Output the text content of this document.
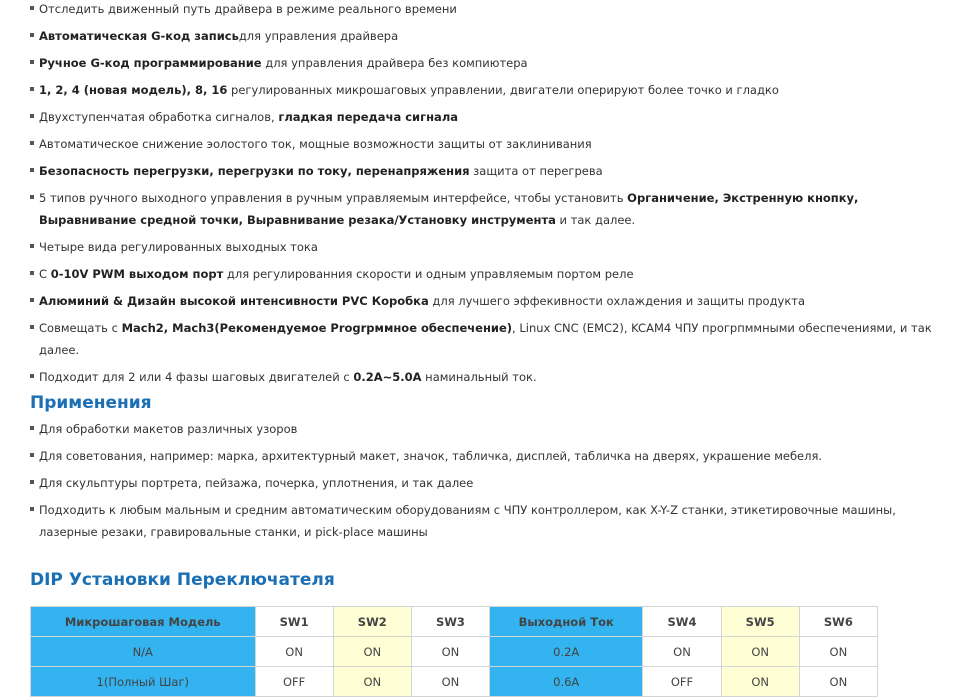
Отследить движенный путь драйвера в режиме реального времени
Автоматическая G-код записьдля управления драйвера
Ручное G-код программирование для управления драйвера без компиютера
1, 2, 4 (новая модель), 8, 16 регулированных микрошаговых управлении, двигатели оперируют более точко и гладко
Двухступенчатая обработка сигналов, гладкая передача сигнала
Автоматическое снижение эолостого ток, мощные возможности защиты от заклинивания
Безопасность перегрузки, перегрузки по току, перенапряжения защита от перегрева
5 типов ручного выходного управления в ручным управляемым интерфейсе, чтобы установить Органичение, Экстренную кнопку, Выравнивание средной точки, Выравнивание резака/Установку инструмента и так далее.
Четыре вида регулированных выходных тока
С 0-10V PWM выходом порт для регулированния скорости и одным управляемым портом реле
Алюминий & Дизайн высокой интенсивности PVC Коробка для лучшего эффекивности охлаждения и защиты продукта
Совмещать с Mach2, Mach3(Рекомендуемое Progrpммное обеспечение), Linux CNC (EMC2), KCAM4 ЧПУ прогрпммными обеспечениями, и так далее.
Подходит для 2 или 4 фазы шаговых двигателей с 0.2A~5.0A наминальный ток.
Применения
Для обработки макетов различных узоров
Для советования, например: марка, архитектурный макет, значок, табличка, дисплей, табличка на дверях, украшение мебеля.
Для скульптуры портрета, пейзажа, почерка, уплотнения, и так далее
Подходить к любым мальным и средним автоматическим оборудованиям с ЧПУ контроллером, как X-Y-Z станки, этикетировочные машины, лазерные резаки, гравировальные станки, и pick-place машины
DIP Установки Переключателя
Микрошаговая Модель	SW1	SW2	SW3	Выходной Ток	SW4	SW5	SW6
N/A	ON	ON	ON	0.2A	ON	ON	ON
1(Полный Шаг)	OFF	ON	ON	0.6A	OFF	ON	ON
